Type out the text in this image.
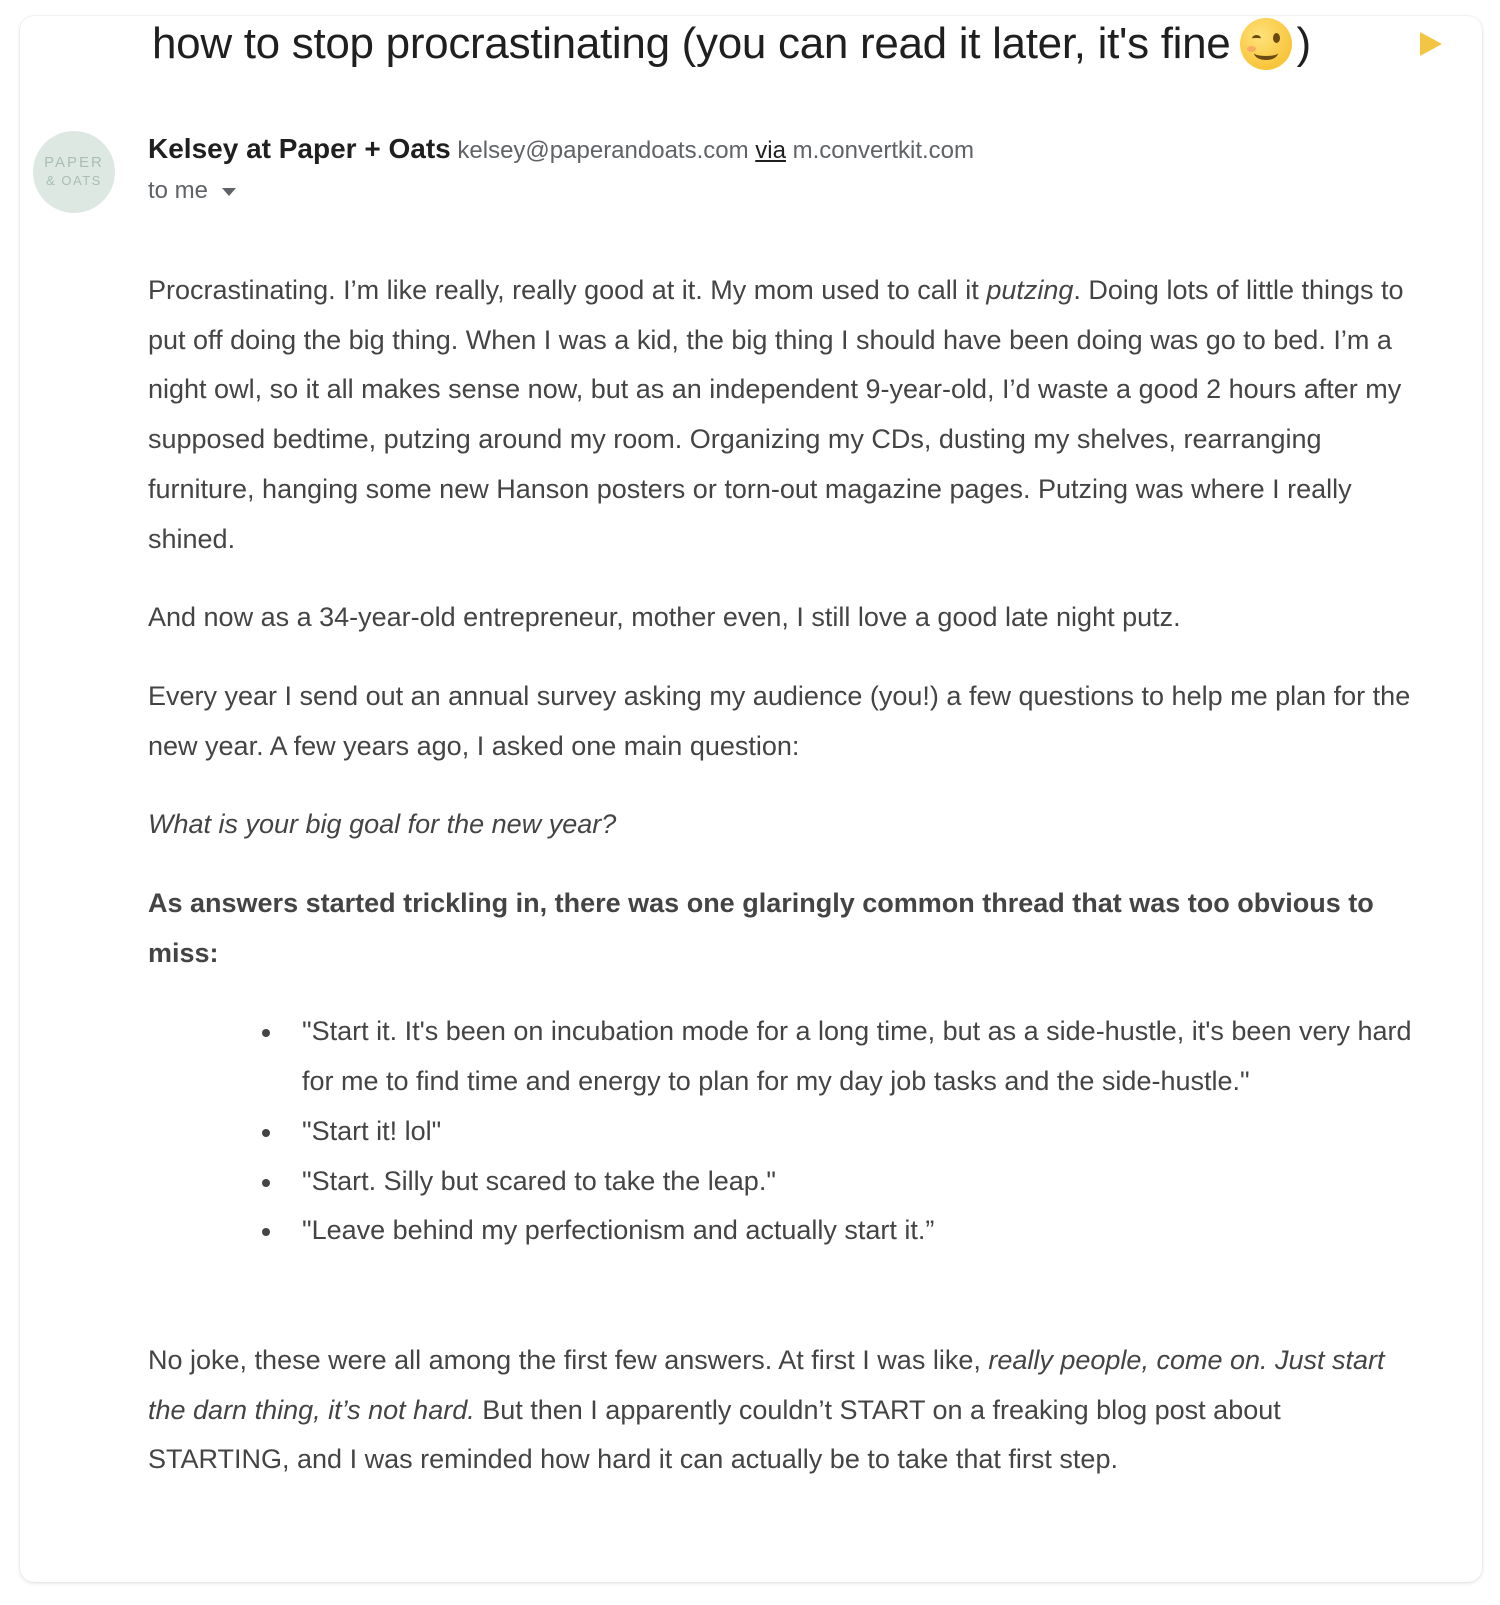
how to stop procrastinating (you can read it later, it's fine )
PAPER
& OATS
Kelsey at Paper + Oats kelsey@paperandoats.com via m.convertkit.com
to me

Procrastinating. I’m like really, really good at it. My mom used to call it putzing. Doing lots of little things to put off doing the big thing. When I was a kid, the big thing I should have been doing was go to bed. I’m a night owl, so it all makes sense now, but as an independent 9-year-old, I’d waste a good 2 hours after my supposed bedtime, putzing around my room. Organizing my CDs, dusting my shelves, rearranging furniture, hanging some new Hanson posters or torn-out magazine pages. Putzing was where I really shined.

And now as a 34-year-old entrepreneur, mother even, I still love a good late night putz.

Every year I send out an annual survey asking my audience (you!) a few questions to help me plan for the new year. A few years ago, I asked one main question:

What is your big goal for the new year?

As answers started trickling in, there was one glaringly common thread that was too obvious to miss:

"Start it. It's been on incubation mode for a long time, but as a side-hustle, it's been very hard for me to find time and energy to plan for my day job tasks and the side-hustle."
"Start it! lol"
"Start. Silly but scared to take the leap."
"Leave behind my perfectionism and actually start it.”

No joke, these were all among the first few answers. At first I was like, really people, come on. Just start the darn thing, it’s not hard. But then I apparently couldn’t START on a freaking blog post about STARTING, and I was reminded how hard it can actually be to take that first step.
